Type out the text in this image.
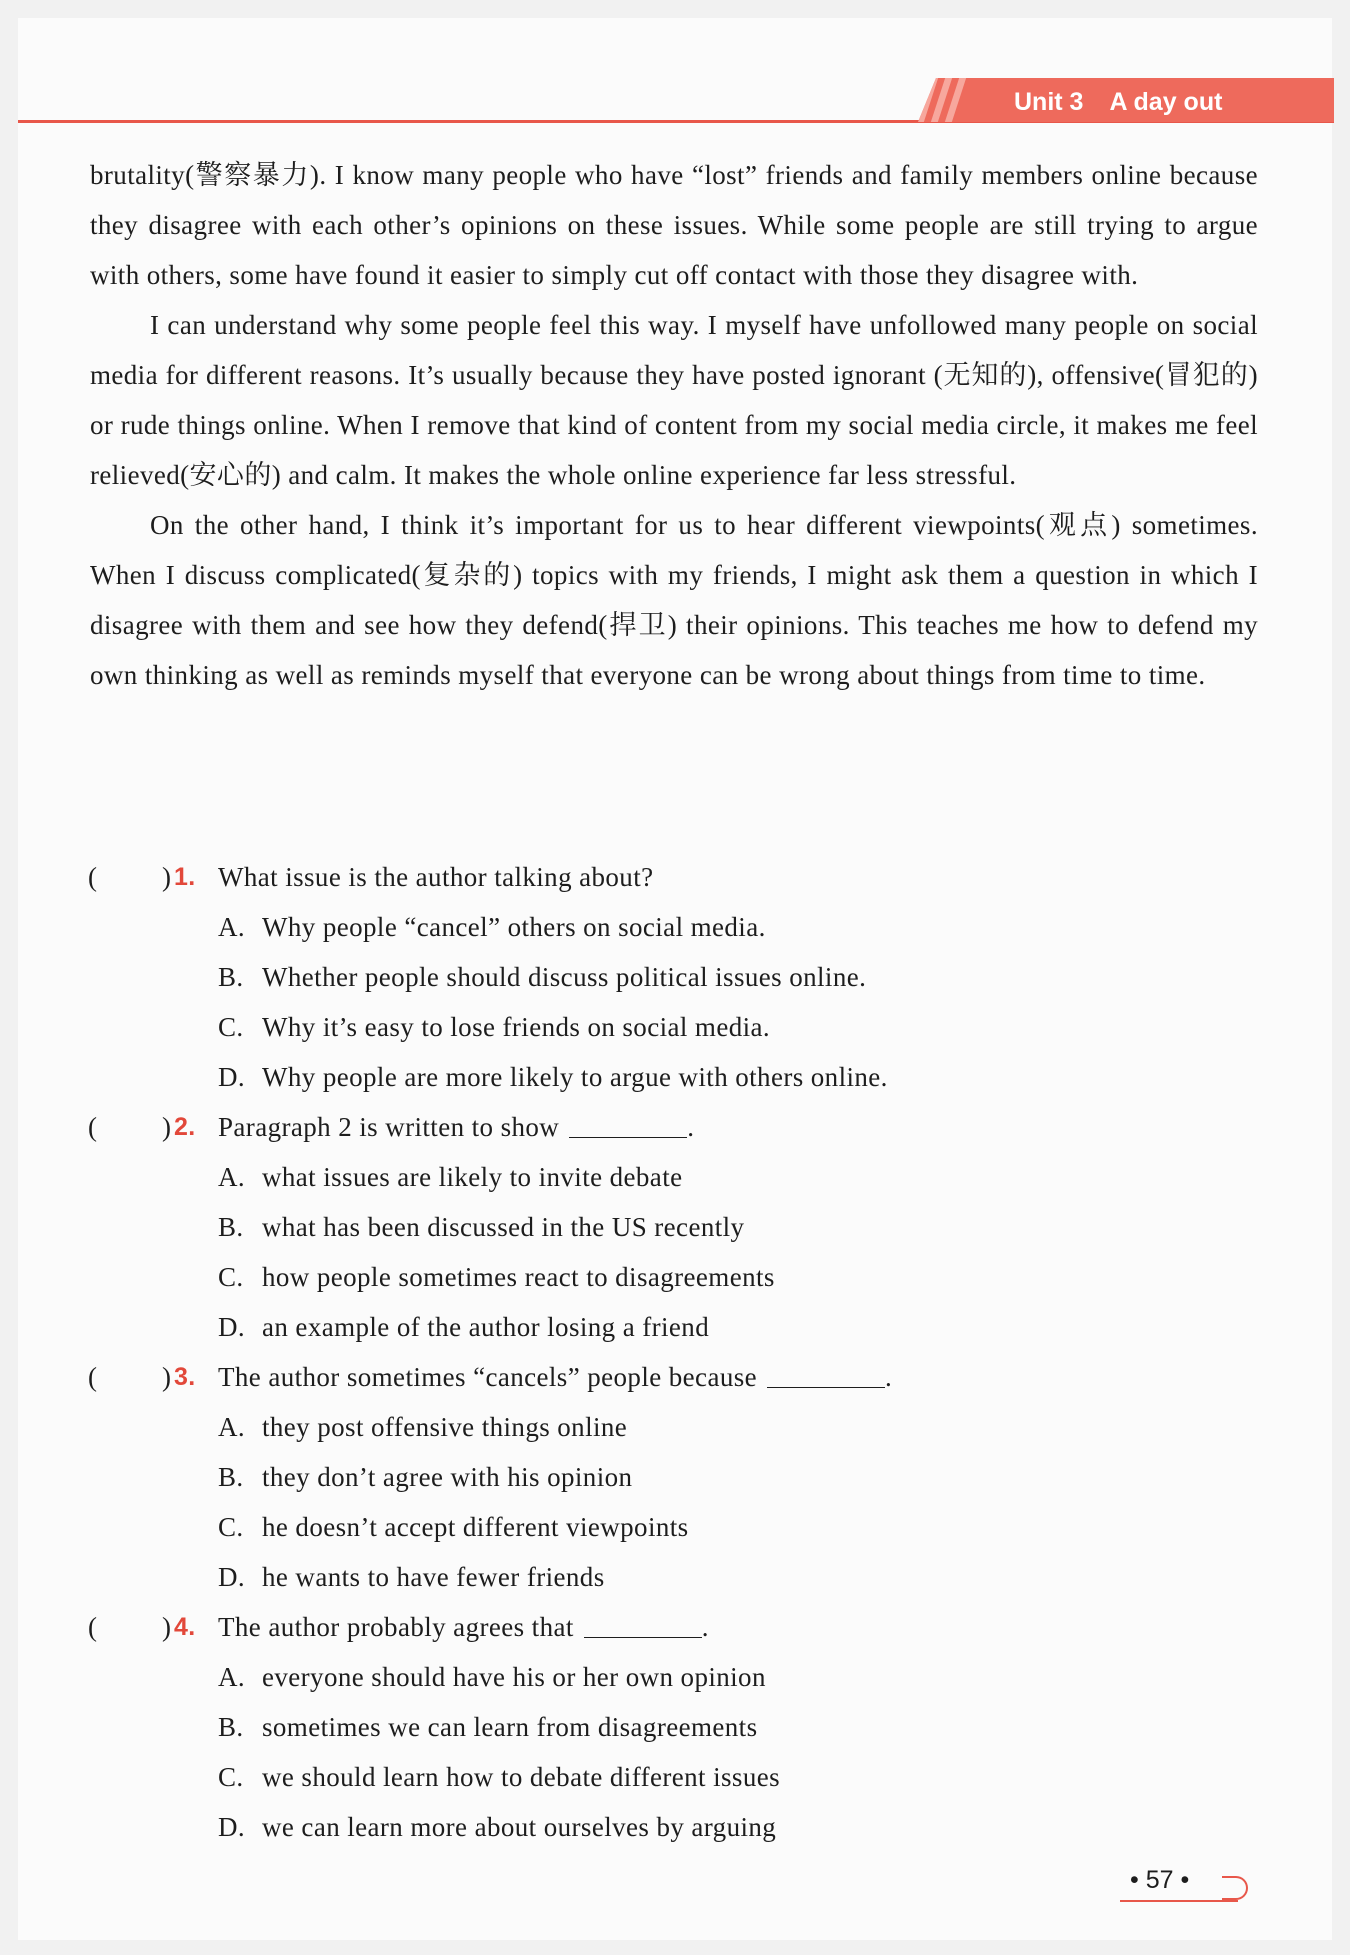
Unit 3 A day out

brutality(警察暴力). I know many people who have “lost” friends and family members online because they disagree with each other’s opinions on these issues. While some people are still trying to argue with others, some have found it easier to simply cut off contact with those they disagree with.

I can understand why some people feel this way. I myself have unfollowed many people on social media for different reasons. It’s usually because they have posted ignorant (无知的), offensive(冒犯的) or rude things online. When I remove that kind of content from my social media circle, it makes me feel relieved(安心的) and calm. It makes the whole online experience far less stressful.

On the other hand, I think it’s important for us to hear different viewpoints(观点) sometimes. When I discuss complicated(复杂的) topics with my friends, I might ask them a question in which I disagree with them and see how they defend(捍卫) their opinions. This teaches me how to defend my own thinking as well as reminds myself that everyone can be wrong about things from time to time.

( ) 1. What issue is the author talking about?
A. Why people “cancel” others on social media.
B. Whether people should discuss political issues online.
C. Why it’s easy to lose friends on social media.
D. Why people are more likely to argue with others online.
( ) 2. Paragraph 2 is written to show	.
A. what issues are likely to invite debate
B. what has been discussed in the US recently
C. how people sometimes react to disagreements
D. an example of the author losing a friend
( ) 3. The author sometimes “cancels” people because	.
A. they post offensive things online
B. they don’t agree with his opinion
C. he doesn’t accept different viewpoints
D. he wants to have fewer friends
( ) 4. The author probably agrees that	.
A. everyone should have his or her own opinion
B. sometimes we can learn from disagreements
C. we should learn how to debate different issues
D. we can learn more about ourselves by arguing
• 57 •
